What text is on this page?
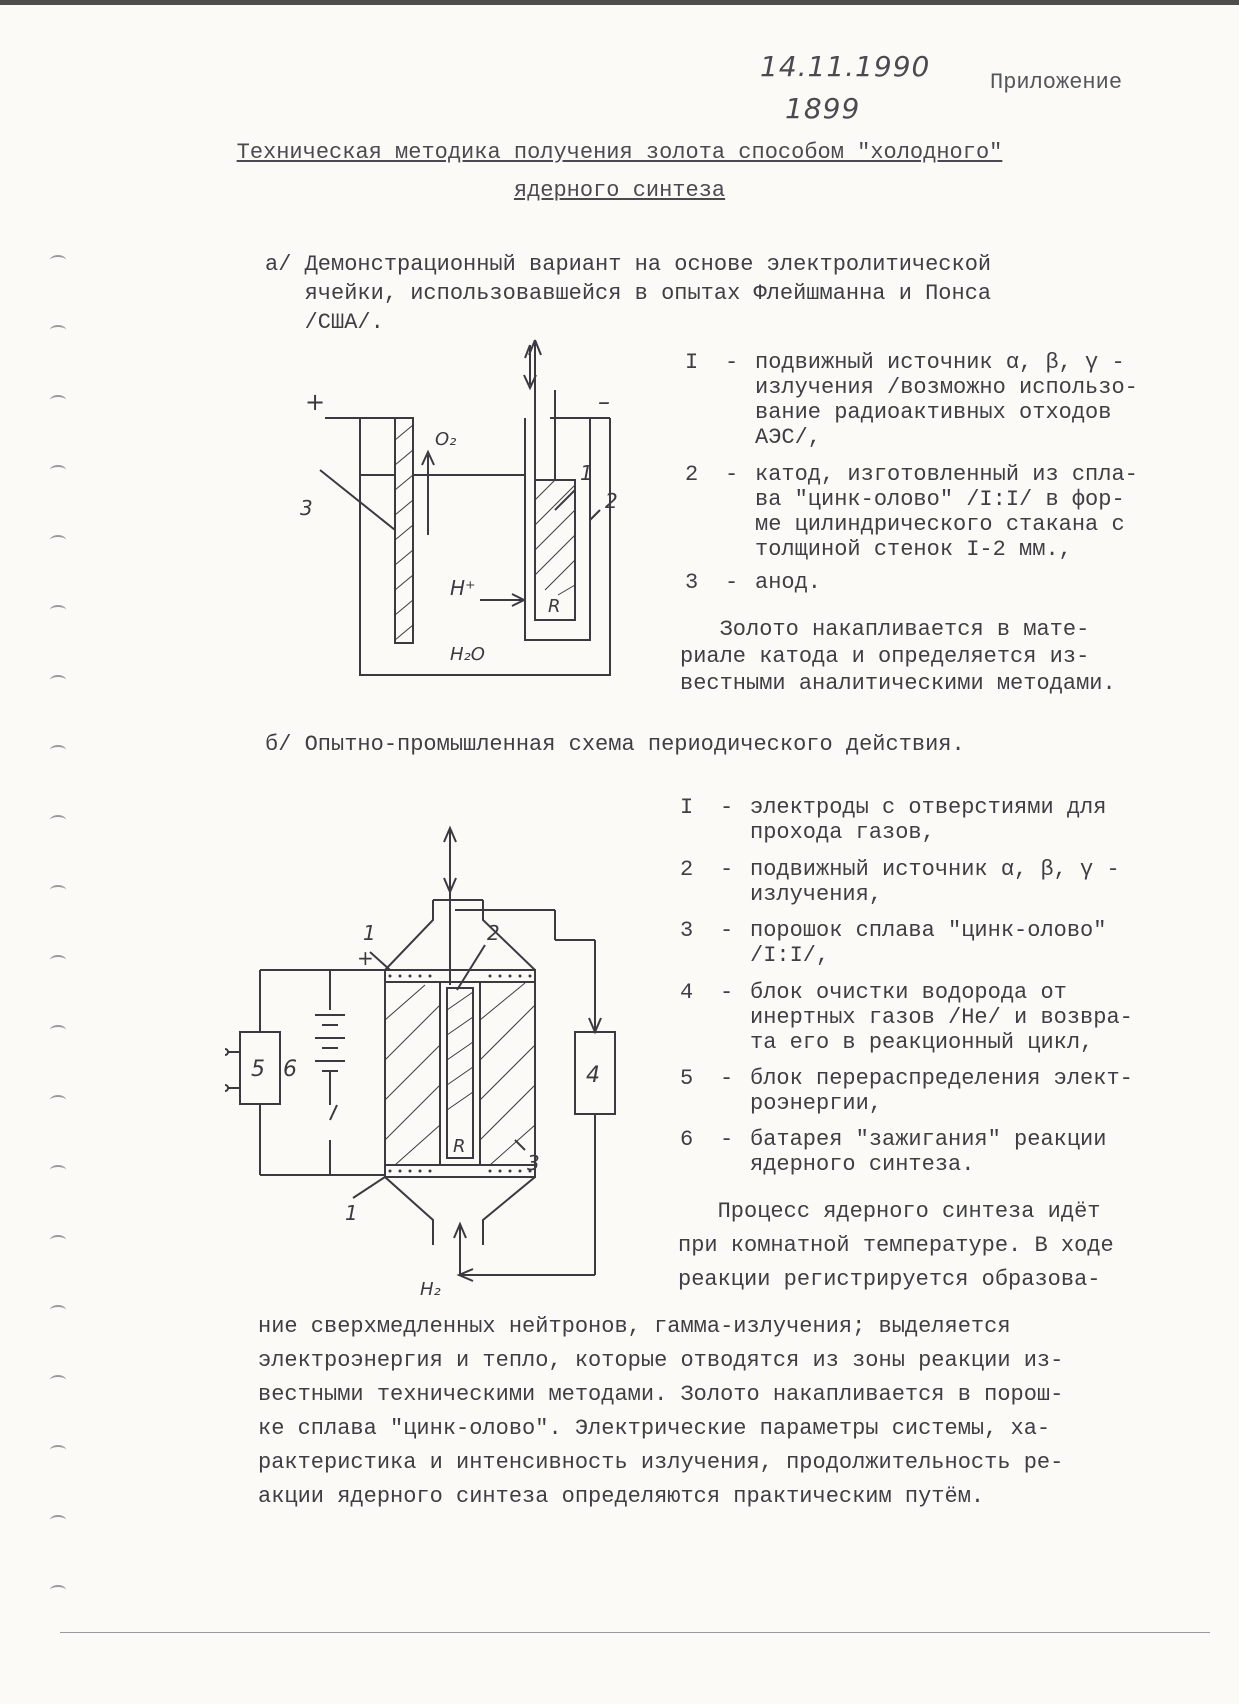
14.11.1990
1899
Приложение
Техническая методика получения золота способом "холодного"
ядерного синтеза
а/ Демонстрационный вариант на основе электролитической
ячейки, использовавшейся в опытах Флейшманна и Понса
/США/.
+	–
O₂
H⁺
H₂O
R
1
2
3
I	- подвижный источник α, β, γ -
излучения /возможно использо-
вание радиоактивных отходов
АЭС/,
2	- катод, изготовленный из спла-
ва "цинк-олово" /I:I/ в фор-
ме цилиндрического стакана с
толщиной стенок I-2 мм.,
3	- анод.
Золото накапливается в мате-
риале катода и определяется из-
вестными аналитическими методами.
б/ Опытно-промышленная схема периодического действия.
+
H₂
R
1
1
2
3
4
5 6
I	- электроды с отверстиями для
прохода газов,
2	- подвижный источник α, β, γ -
излучения,
3	- порошок сплава "цинк-олово"
/I:I/,
4	- блок очистки водорода от
инертных газов /Не/ и возвра-
та его в реакционный цикл,
5	- блок перераспределения элект-
роэнергии,
6	- батарея "зажигания" реакции
ядерного синтеза.
Процесс ядерного синтеза идёт
при комнатной температуре. В ходе
реакции регистрируется образова-
ние сверхмедленных нейтронов, гамма-излучения; выделяется
электроэнергия и тепло, которые отводятся из зоны реакции из-
вестными техническими методами. Золото накапливается в порош-
ке сплава "цинк-олово". Электрические параметры системы, ха-
рактеристика и интенсивность излучения, продолжительность ре-
акции ядерного синтеза определяются практическим путём.
